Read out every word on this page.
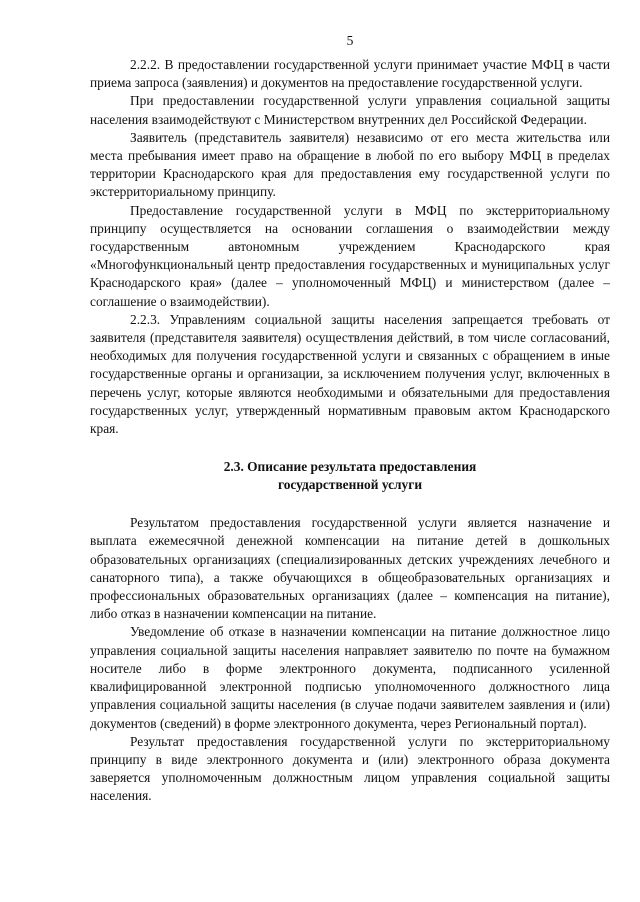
5

2.2.2. В предоставлении государственной услуги принимает участие МФЦ в части приема запроса (заявления) и документов на предоставление государственной услуги.

При предоставлении государственной услуги управления социальной защиты населения взаимодействуют с Министерством внутренних дел Российской Федерации.

Заявитель (представитель заявителя) независимо от его места жительства или места пребывания имеет право на обращение в любой по его выбору МФЦ в пределах территории Краснодарского края для предоставления ему государственной услуги по экстерриториальному принципу.

Предоставление государственной услуги в МФЦ по экстерриториальному принципу осуществляется на основании соглашения о взаимодействии между государственным автономным учреждением Краснодарского края «Многофункциональный центр предоставления государственных и муниципальных услуг Краснодарского края» (далее – уполномоченный МФЦ) и министерством (далее – соглашение о взаимодействии).

2.2.3. Управлениям социальной защиты населения запрещается требовать от заявителя (представителя заявителя) осуществления действий, в том числе согласований, необходимых для получения государственной услуги и связанных с обращением в иные государственные органы и организации, за исключением получения услуг, включенных в перечень услуг, которые являются необходимыми и обязательными для предоставления государственных услуг, утвержденный нормативным правовым актом Краснодарского края.

2.3. Описание результата предоставления
государственной услуги

Результатом предоставления государственной услуги является назначение и выплата ежемесячной денежной компенсации на питание детей в дошкольных образовательных организациях (специализированных детских учреждениях лечебного и санаторного типа), а также обучающихся в общеобразовательных организациях и профессиональных образовательных организациях (далее – компенсация на питание), либо отказ в назначении компенсации на питание.

Уведомление об отказе в назначении компенсации на питание должностное лицо управления социальной защиты населения направляет заявителю по почте на бумажном носителе либо в форме электронного документа, подписанного усиленной квалифицированной электронной подписью уполномоченного должностного лица управления социальной защиты населения (в случае подачи заявителем заявления и (или) документов (сведений) в форме электронного документа, через Региональный портал).

Результат предоставления государственной услуги по экстерриториальному принципу в виде электронного документа и (или) электронного образа документа заверяется уполномоченным должностным лицом управления социальной защиты населения.
